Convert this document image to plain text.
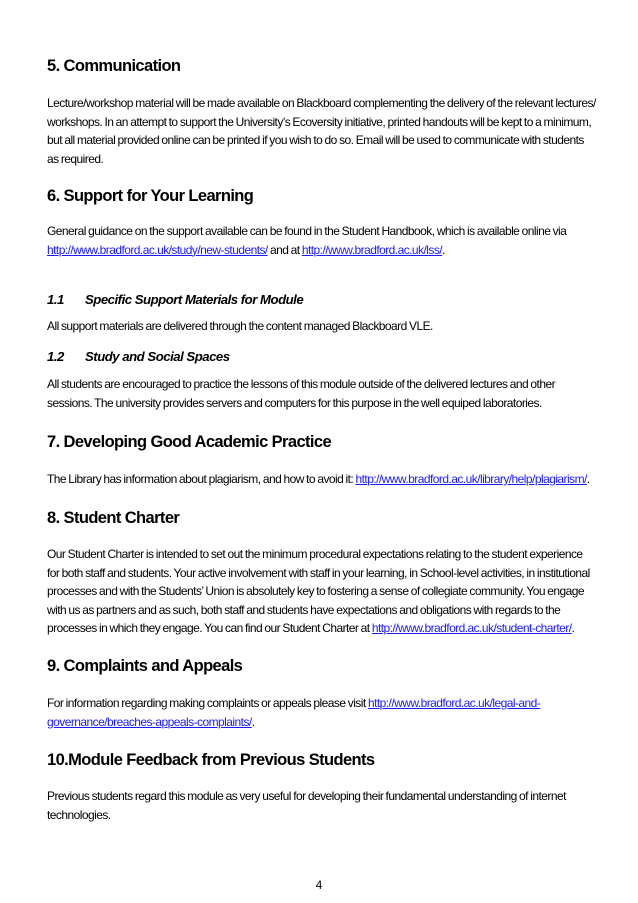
5. Communication
Lecture/workshop material will be made available on Blackboard complementing the delivery of the relevant lectures/ workshops. In an attempt to support the University’s Ecoversity initiative, printed handouts will be kept to a minimum, but all material provided online can be printed if you wish to do so. Email will be used to communicate with students as required.
6. Support for Your Learning
General guidance on the support available can be found in the Student Handbook, which is available online via http://www.bradford.ac.uk/study/new-students/ and at http://www.bradford.ac.uk/lss/.
1.1 Specific Support Materials for Module
All support materials are delivered through the content managed Blackboard VLE.
1.2 Study and Social Spaces
All students are encouraged to practice the lessons of this module outside of the delivered lectures and other sessions. The university provides servers and computers for this purpose in the well equiped laboratories.
7. Developing Good Academic Practice
The Library has information about plagiarism, and how to avoid it: http://www.bradford.ac.uk/library/help/plagiarism/.
8. Student Charter
Our Student Charter is intended to set out the minimum procedural expectations relating to the student experience for both staff and students. Your active involvement with staff in your learning, in School-level activities, in institutional processes and with the Students’ Union is absolutely key to fostering a sense of collegiate community. You engage with us as partners and as such, both staff and students have expectations and obligations with regards to the processes in which they engage. You can find our Student Charter at http://www.bradford.ac.uk/student-charter/.
9. Complaints and Appeals
For information regarding making complaints or appeals please visit http://www.bradford.ac.uk/legal-and-governance/breaches-appeals-complaints/.
10.Module Feedback from Previous Students
Previous students regard this module as very useful for developing their fundamental understanding of internet technologies.
4
